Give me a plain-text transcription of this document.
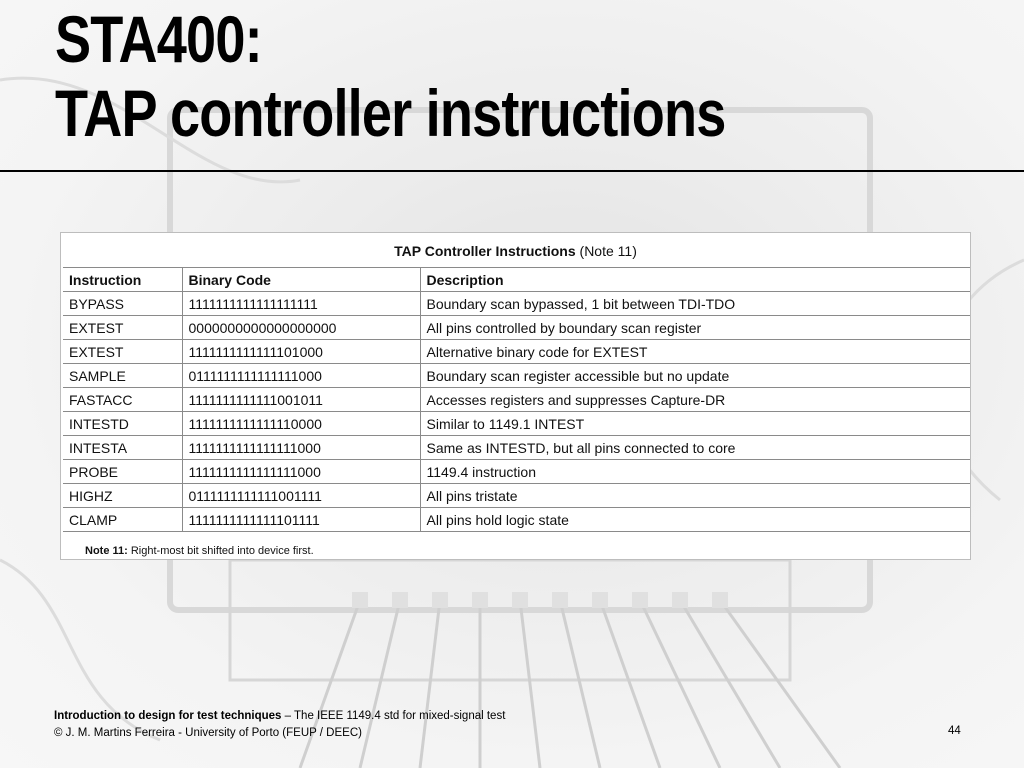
STA400:
TAP controller instructions
TAP Controller Instructions (Note 11)
Instruction	Binary Code	Description
BYPASS	1111111111111111111	Boundary scan bypassed, 1 bit between TDI-TDO
EXTEST	0000000000000000000	All pins controlled by boundary scan register
EXTEST	1111111111111101000	Alternative binary code for EXTEST
SAMPLE	0111111111111111000	Boundary scan register accessible but no update
FASTACC	1111111111111001011	Accesses registers and suppresses Capture-DR
INTESTD	1111111111111110000	Similar to 1149.1 INTEST
INTESTA	1111111111111111000	Same as INTESTD, but all pins connected to core
PROBE	1111111111111111000	1149.4 instruction
HIGHZ	0111111111111001111	All pins tristate
CLAMP	1111111111111101111	All pins hold logic state
Note 11: Right-most bit shifted into device first.
Introduction to design for test techniques – The IEEE 1149.4 std for mixed-signal test
© J. M. Martins Ferreira - University of Porto (FEUP / DEEC)	44
